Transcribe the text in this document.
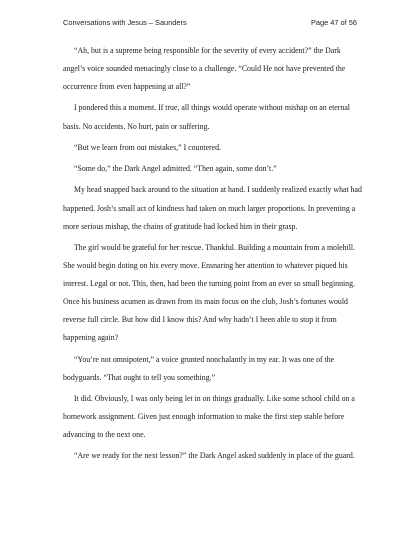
Conversations with Jesus – Saunders	Page 47 of 56

“Ah, but is a supreme being responsible for the severity of every accident?” the Dark angel’s voice sounded menacingly close to a challenge. “Could He not have prevented the occurrence from even happening at all?”

I pondered this a moment. If true, all things would operate without mishap on an eternal basis. No accidents. No hurt, pain or suffering.

“But we learn from out mistakes,” I countered.

“Some do,” the Dark Angel admitted. “Then again, some don’t.”

My head snapped back around to the situation at hand. I suddenly realized exactly what had happened. Josh’s small act of kindness had taken on much larger proportions. In preventing a more serious mishap, the chains of gratitude had locked him in their grasp.

The girl would be grateful for her rescue. Thankful. Building a mountain from a molehill. She would begin doting on his every move. Ensnaring her attention to whatever piqued his interest. Legal or not. This, then, had been the turning point from an ever so small beginning. Once his business acumen as drawn from its main focus on the club, Josh’s fortunes would reverse full circle. But how did I know this? And why hadn’t I been able to stop it from happening again?

“You’re not omnipotent,” a voice grunted nonchalantly in my ear. It was one of the bodyguards. “That ought to tell you something.”

It did. Obviously, I was only being let in on things gradually. Like some school child on a homework assignment. Given just enough information to make the first step stable before advancing to the next one.

“Are we ready for the next lesson?” the Dark Angel asked suddenly in place of the guard.
